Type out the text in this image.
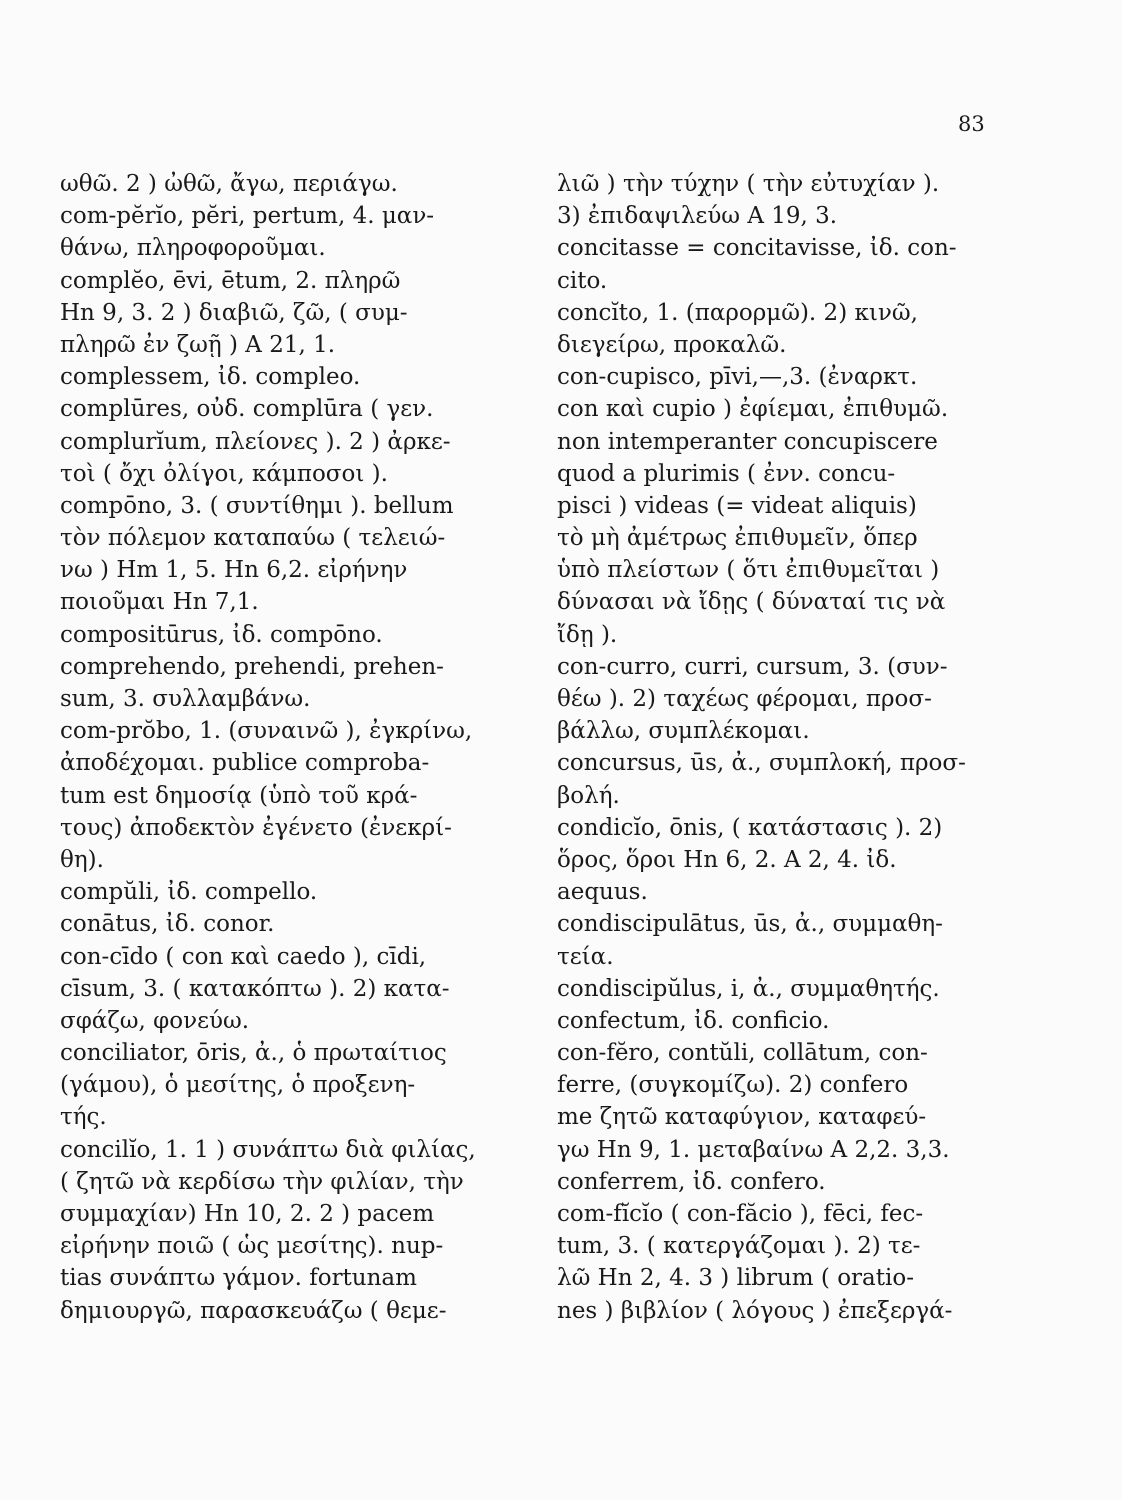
83
ωθῶ. 2 ) ὠθῶ, ἄγω, περιάγω.
com-pĕrĭo, pĕri, pertum, 4. μαν-
θάνω, πληροφοροῦμαι.
complĕo, ēvi, ētum, 2. πληρῶ
Hn 9, 3. 2 ) διαβιῶ, ζῶ, ( συμ-
πληρῶ ἐν ζωῇ ) A 21, 1.
complessem, ἰδ. compleo.
complūres, οὐδ. complūra ( γεν.
complurĭum, πλείονες ). 2 ) ἀρκε-
τοὶ ( ὄχι ὀλίγοι, κάμποσοι ).
compōno, 3. ( συντίθημι ). bellum
τὸν πόλεμον καταπαύω ( τελειώ-
νω ) Hm 1, 5. Hn 6,2. εἰρήνην
ποιοῦμαι Hn 7,1.
compositūrus, ἰδ. compōno.
comprehendo, prehendi, prehen-
sum, 3. συλλαμβάνω.
com-prŏbo, 1. (συναινῶ ), ἐγκρίνω,
ἀποδέχομαι. publice comproba-
tum est δημοσίᾳ (ὑπὸ τοῦ κρά-
τους) ἀποδεκτὸν ἐγένετο (ἐνεκρί-
θη).
compŭli, ἰδ. compello.
conātus, ἰδ. conor.
con-cīdo ( con καὶ caedo ), cīdi,
cīsum, 3. ( κατακόπτω ). 2) κατα-
σφάζω, φονεύω.
conciliator, ōris, ἀ., ὁ πρωταίτιος
(γάμου), ὁ μεσίτης, ὁ προξενη-
τής.
concilĭo, 1. 1 ) συνάπτω διὰ φιλίας,
( ζητῶ νὰ κερδίσω τὴν φιλίαν, τὴν
συμμαχίαν) Hn 10, 2. 2 ) pacem
εἰρήνην ποιῶ ( ὡς μεσίτης). nup-
tias συνάπτω γάμον. fortunam
δημιουργῶ, παρασκευάζω ( θεμε-
λιῶ ) τὴν τύχην ( τὴν εὐτυχίαν ).
3) ἐπιδαψιλεύω A 19, 3.
concitasse = concitavisse, ἰδ. con-
cito.
concĭto, 1. (παρορμῶ). 2) κινῶ,
διεγείρω, προκαλῶ.
con-cupisco, pīvi,—,3. (ἐναρκτ.
con καὶ cupio ) ἐφίεμαι, ἐπιθυμῶ.
non intemperanter concupiscere
quod a plurimis ( ἐνν. concu-
pisci ) videas (= videat aliquis)
τὸ μὴ ἀμέτρως ἐπιθυμεῖν, ὅπερ
ὑπὸ πλείστων ( ὅτι ἐπιθυμεῖται )
δύνασαι νὰ ἴδῃς ( δύναταί τις νὰ
ἴδῃ ).
con-curro, curri, cursum, 3. (συν-
θέω ). 2) ταχέως φέρομαι, προσ-
βάλλω, συμπλέκομαι.
concursus, ūs, ἀ., συμπλοκή, προσ-
βολή.
condicĭo, ōnis, ( κατάστασις ). 2)
ὅρος, ὅροι Hn 6, 2. A 2, 4. ἰδ.
aequus.
condiscipulātus, ūs, ἀ., συμμαθη-
τεία.
condiscipŭlus, i, ἀ., συμμαθητής.
confectum, ἰδ. conficio.
con-fĕro, contŭli, collātum, con-
ferre, (συγκομίζω). 2) confero
me ζητῶ καταφύγιον, καταφεύ-
γω Hn 9, 1. μεταβαίνω A 2,2. 3,3.
conferrem, ἰδ. confero.
com-fĭcĭo ( con-făcio ), fēci, fec-
tum, 3. ( κατεργάζομαι ). 2) τε-
λῶ Hn 2, 4. 3 ) librum ( oratio-
nes ) βιβλίον ( λόγους ) ἐπεξεργά-
